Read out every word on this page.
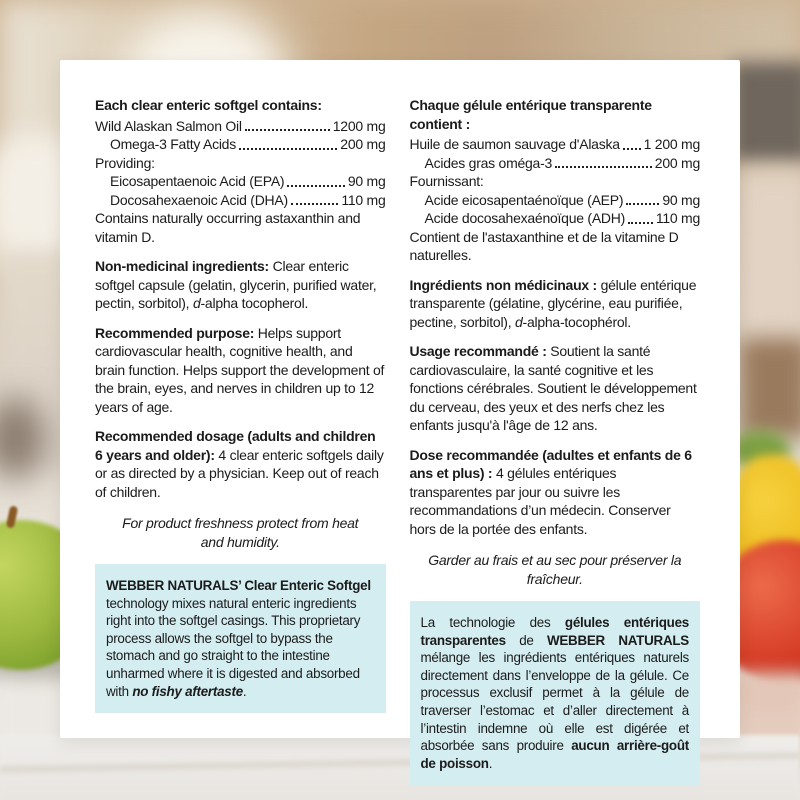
Each clear enteric softgel contains:
Wild Alaskan Salmon Oil	1200 mg
Omega-3 Fatty Acids	200 mg
Providing:
Eicosapentaenoic Acid (EPA)	90 mg
Docosahexaenoic Acid (DHA)	110 mg

Contains naturally occurring astaxanthin and vitamin D.

Non-medicinal ingredients: Clear enteric softgel capsule (gelatin, glycerin, purified water, pectin, sorbitol), d-alpha tocopherol.

Recommended purpose: Helps support cardiovascular health, cognitive health, and brain function. Helps support the development of the brain, eyes, and nerves in children up to 12 years of age.

Recommended dosage (adults and children 6 years and older): 4 clear enteric softgels daily or as directed by a physician. Keep out of reach of children.

For product freshness protect from heat and humidity.

WEBBER NATURALS’ Clear Enteric Softgel technology mixes natural enteric ingredients right into the softgel casings. This proprietary process allows the softgel to bypass the stomach and go straight to the intestine unharmed where it is digested and absorbed with no fishy aftertaste.
Chaque gélule entérique transparente contient :
Huile de saumon sauvage d'Alaska 1 200 mg
Acides gras oméga-3	200 mg
Fournissant:
Acide eicosapentaénoïque (AEP)	90 mg
Acide docosahexaénoïque (ADH) 110 mg

Contient de l'astaxanthine et de la vitamine D naturelles.

Ingrédients non médicinaux : gélule entérique transparente (gélatine, glycérine, eau purifiée, pectine, sorbitol), d-alpha-tocophérol.

Usage recommandé : Soutient la santé cardiovasculaire, la santé cognitive et les fonctions cérébrales. Soutient le développement du cerveau, des yeux et des nerfs chez les enfants jusqu'à l'âge de 12 ans.

Dose recommandée (adultes et enfants de 6 ans et plus) : 4 gélules entériques transparentes par jour ou suivre les recommandations d’un médecin. Conserver hors de la portée des enfants.

Garder au frais et au sec pour préserver la fraîcheur.

La technologie des gélules entériques transparentes de WEBBER NATURALS mélange les ingrédients entériques naturels directement dans l’enveloppe de la gélule. Ce processus exclusif permet à la gélule de traverser l’estomac et d’aller directement à l’intestin indemne où elle est digérée et absorbée sans produire aucun arrière-goût de poisson.
